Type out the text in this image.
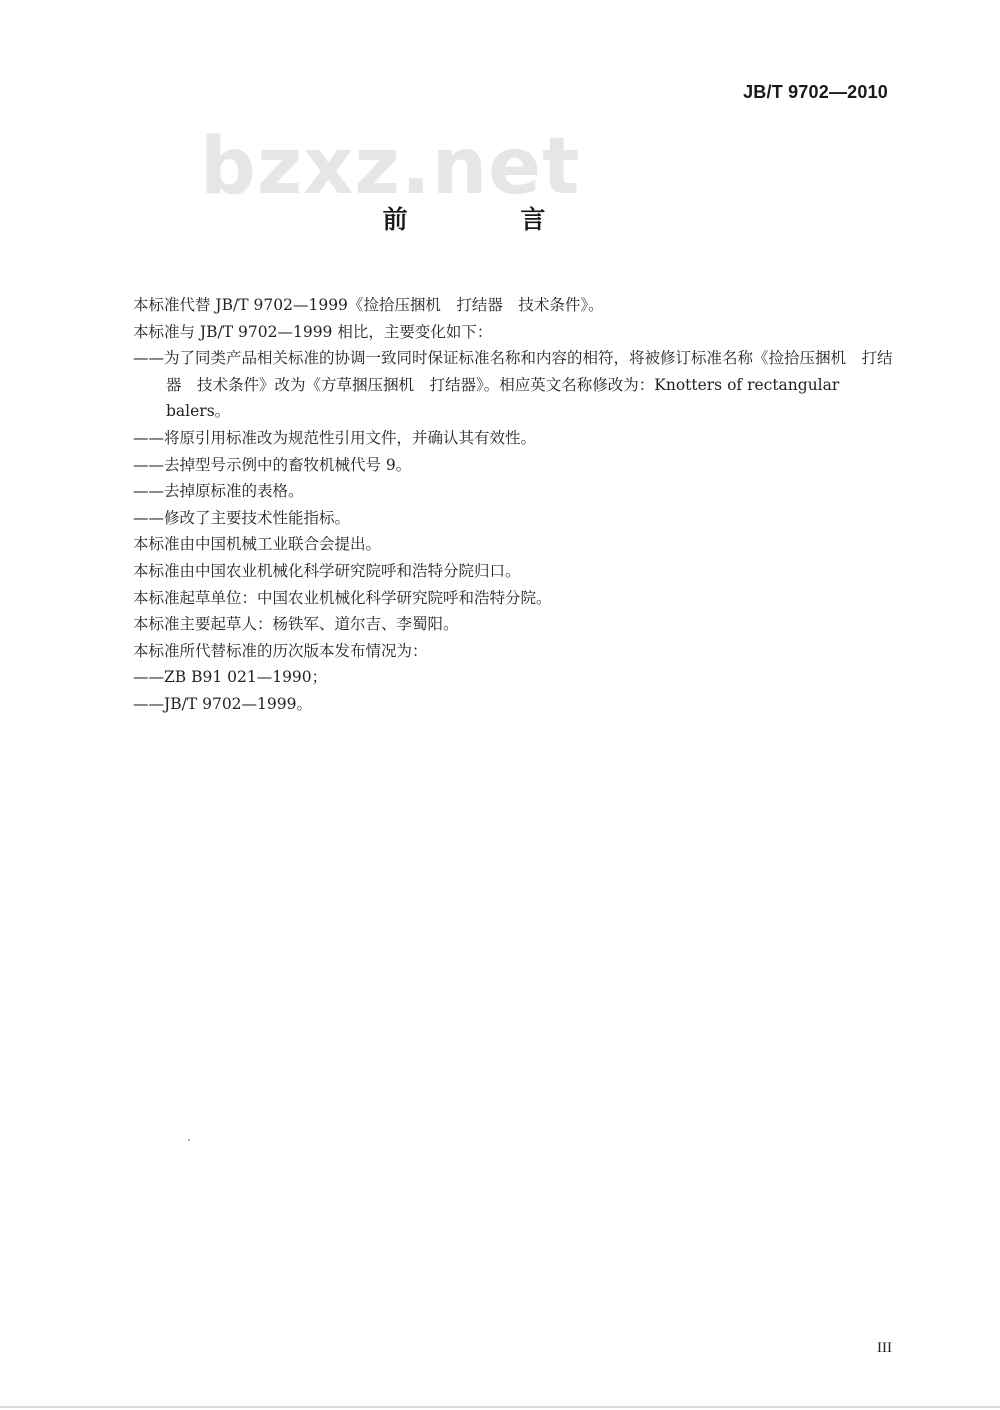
JB/T 9702—2010
bzxz.net
前 言

本标准代替 JB/T 9702—1999《捡拾压捆机　打结器　技术条件》。

本标准与 JB/T 9702—1999 相比，主要变化如下：

——为了同类产品相关标准的协调一致同时保证标准名称和内容的相符，将被修订标准名称《捡拾压捆机　打结器　技术条件》改为《方草捆压捆机　打结器》。相应英文名称修改为：Knotters of rectangular balers。

——将原引用标准改为规范性引用文件，并确认其有效性。

——去掉型号示例中的畜牧机械代号 9。

——去掉原标准的表格。

——修改了主要技术性能指标。

本标准由中国机械工业联合会提出。

本标准由中国农业机械化科学研究院呼和浩特分院归口。

本标准起草单位：中国农业机械化科学研究院呼和浩特分院。

本标准主要起草人：杨铁军、道尔吉、李蜀阳。

本标准所代替标准的历次版本发布情况为：

——ZB B91 021—1990；

——JB/T 9702—1999。

III
